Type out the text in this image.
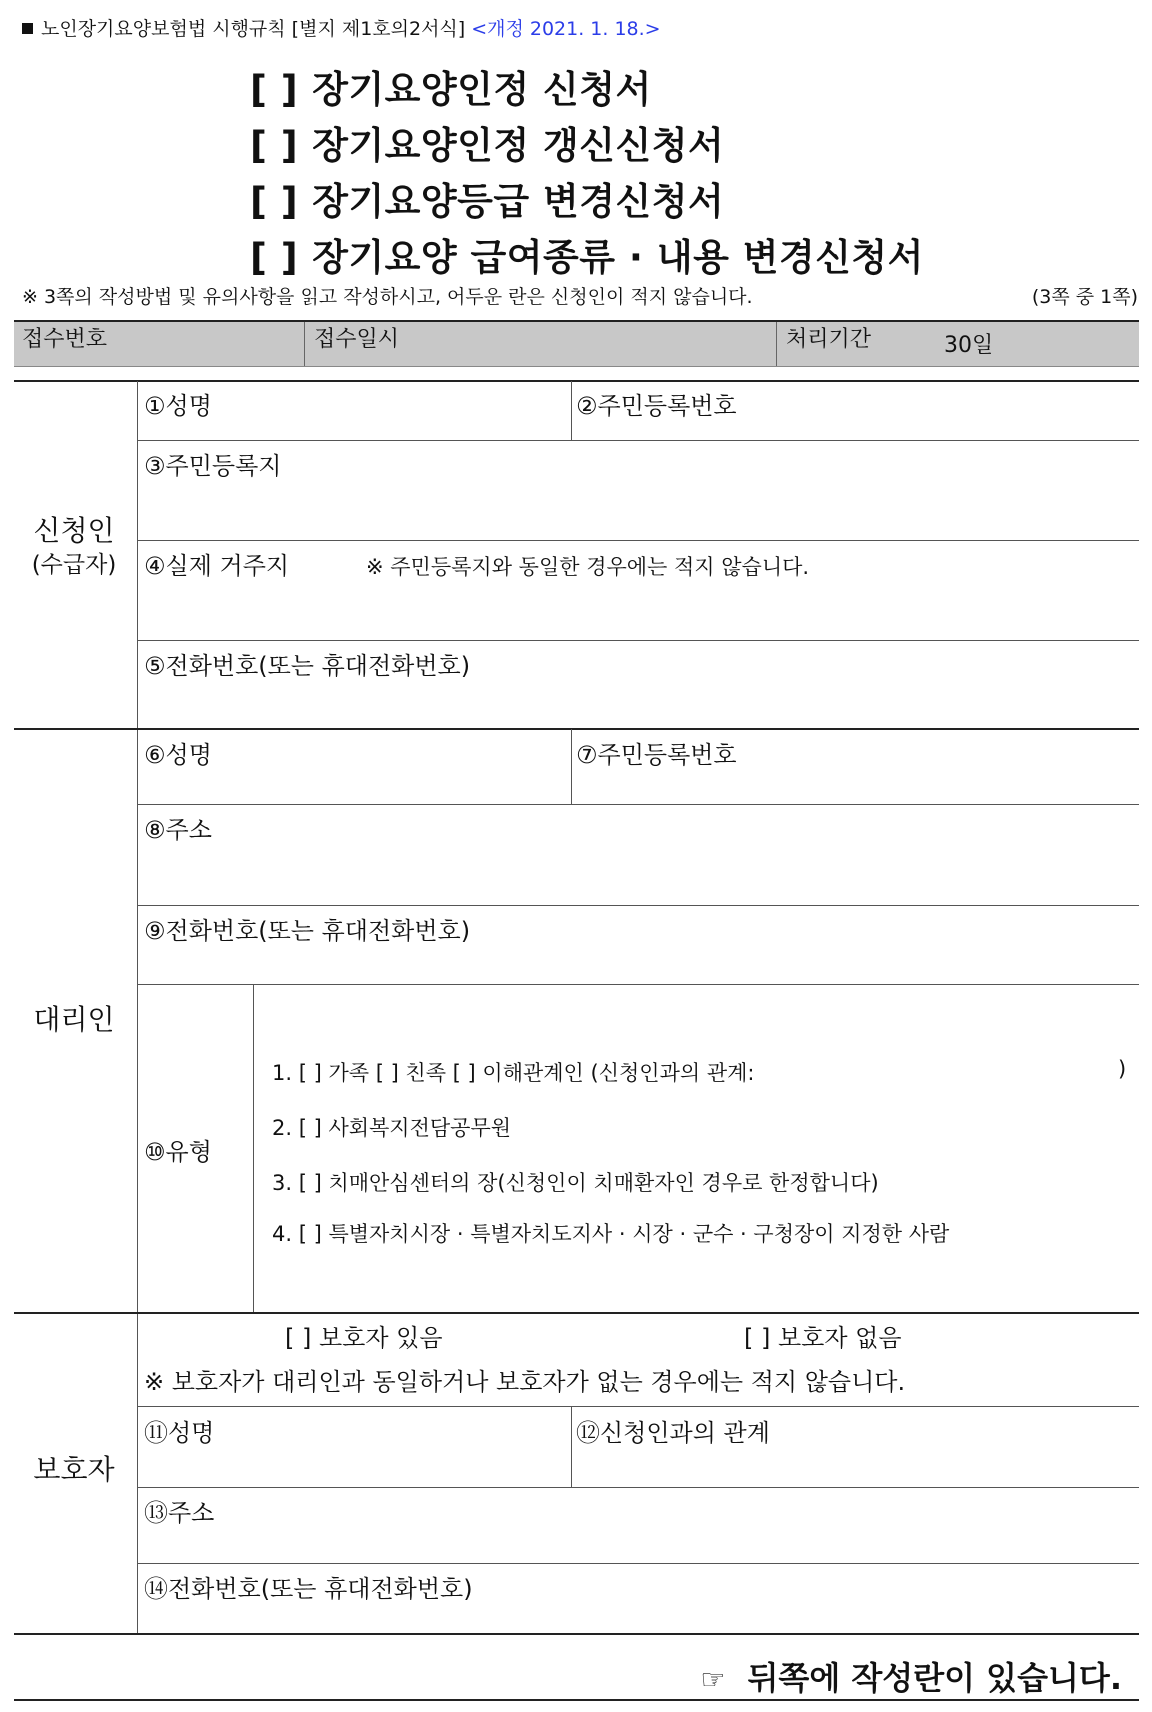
노인장기요양보험법 시행규칙 [별지 제1호의2서식] <개정 2021. 1. 18.>
[ ] 장기요양인정 신청서
[ ] 장기요양인정 갱신신청서
[ ] 장기요양등급 변경신청서
[ ] 장기요양 급여종류 · 내용 변경신청서
※ 3쪽의 작성방법 및 유의사항을 읽고 작성하시고, 어두운 란은 신청인이 적지 않습니다.	(3쪽 중 1쪽)
접수번호	접수일시	처리기간	30일
신청인
(수급자)
①성명	②주민등록번호
③주민등록지
④실제 거주지	※ 주민등록지와 동일한 경우에는 적지 않습니다.
⑤전화번호(또는 휴대전화번호)
대리인
⑥성명	⑦주민등록번호
⑧주소
⑨전화번호(또는 휴대전화번호)
⑩유형
1. [ ] 가족 [ ] 친족 [ ] 이해관계인 (신청인과의 관계:	)
2. [ ] 사회복지전담공무원
3. [ ] 치매안심센터의 장(신청인이 치매환자인 경우로 한정합니다)
4. [ ] 특별자치시장 · 특별자치도지사 · 시장 · 군수 · 구청장이 지정한 사람
보호자
[ ] 보호자 있음	[ ] 보호자 없음
※ 보호자가 대리인과 동일하거나 보호자가 없는 경우에는 적지 않습니다.
⑪성명	⑫신청인과의 관계
⑬주소
⑭전화번호(또는 휴대전화번호)
☞ 뒤쪽에 작성란이 있습니다.
